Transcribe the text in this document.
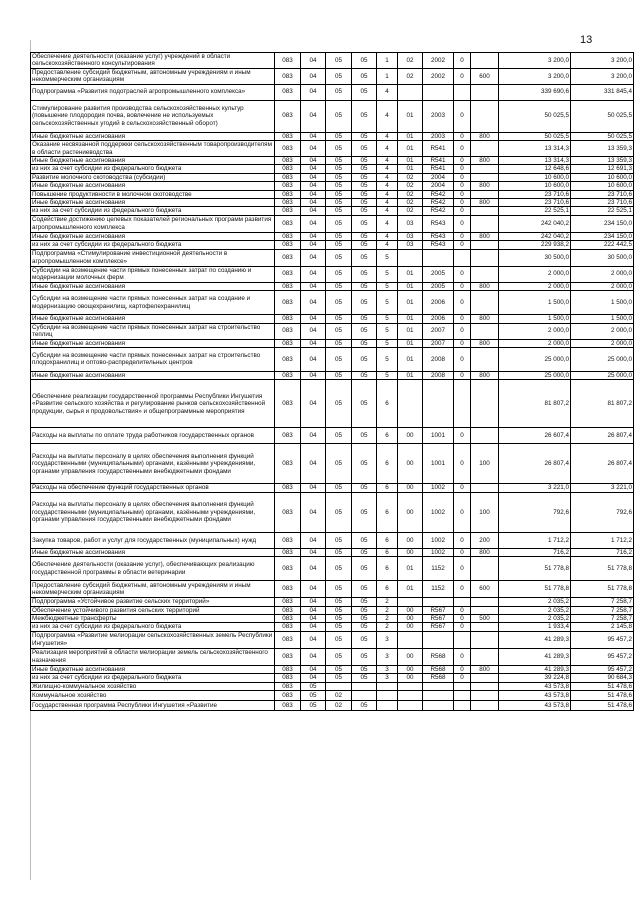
13
Обеспечение деятельности (оказание услуг) учреждений в области сельскохозяйственного консультирования	083	04	05	05	1	02	2002	0		3 200,0	3 200,0
Предоставление субсидий бюджетным, автономным учреждениям и иным некоммерческим организациям	083	04	05	05	1	02	2002	0	600	3 200,0	3 200,0
Подпрограмма «Развития подотраслей агропромышленного комплекса»	083	04	05	05	4					339 690,6	331 845,4
Стимулирование развития производства сельскохозяйственных культур (повышение плодородия почва, вовлечение не используемых сельскохозяйственных угодий в сельскохозяйственный оборот)	083	04	05	05	4	01	2003	0		50 025,5	50 025,5
Иные бюджетные ассигнования	083	04	05	05	4	01	2003	0	800	50 025,5	50 025,5
Оказание несвязанной поддержки сельскохозяйственным товаропроизводителям в области растениеводства	083	04	05	05	4	01	R541	0		13 314,3	13 359,3
Иные бюджетные ассигнования	083	04	05	05	4	01	R541	0	800	13 314,3	13 359,3
из них за счет субсидии из федерального бюджета	083	04	05	05	4	01	R541	0		12 648,6	12 691,3
Развитие молочного скотоводства (субсидии)	083	04	05	05	4	02	2004	0		10 600,0	10 600,0
Иные бюджетные ассигнования	083	04	05	05	4	02	2004	0	800	10 600,0	10 600,0
Повышение продуктивности в молочном скотоводстве	083	04	05	05	4	02	R542	0		23 710,6	23 710,6
Иные бюджетные ассигнования	083	04	05	05	4	02	R542	0	800	23 710,6	23 710,6
из них за счет субсидии из федерального бюджета	083	04	05	05	4	02	R542	0		22 525,1	22 525,1
Содействие достижению целевых показателей региональных программ развития агропромышленного комплекса	083	04	05	05	4	03	R543	0		242 040,2	234 150,0
Иные бюджетные ассигнования	083	04	05	05	4	03	R543	0	800	242 040,2	234 150,0
из них за счет субсидии из федерального бюджета	083	04	05	05	4	03	R543	0		229 938,2	222 442,5
Подпрограмма «Стимулирование инвестиционной деятельности в агропромышленном комплексе»	083	04	05	05	5					30 500,0	30 500,0
Субсидии на возмещение части прямых понесенных затрат по созданию и модернизации молочных ферм	083	04	05	05	5	01	2005	0		2 000,0	2 000,0
Иные бюджетные ассигнования	083	04	05	05	5	01	2005	0	800	2 000,0	2 000,0
Субсидии на возмещение части прямых понесенных затрат на создание и модернизацию овощехранилищ, картофелехранилищ	083	04	05	05	5	01	2006	0		1 500,0	1 500,0
Иные бюджетные ассигнования	083	04	05	05	5	01	2006	0	800	1 500,0	1 500,0
Субсидии на возмещение части прямых понесенных затрат на строительство теплиц	083	04	05	05	5	01	2007	0		2 000,0	2 000,0
Иные бюджетные ассигнования	083	04	05	05	5	01	2007	0	800	2 000,0	2 000,0
Субсидии на возмещение части прямых понесенных затрат на строительство плодохранилищ и оптово-распределительных центров	083	04	05	05	5	01	2008	0		25 000,0	25 000,0
Иные бюджетные ассигнования	083	04	05	05	5	01	2008	0	800	25 000,0	25 000,0
Обеспечение реализации государственной программы Республики Ингушетия «Развитие сельского хозяйства и регулирование рынков сельскохозяйственной продукции, сырья и продовольствия» и общепрограммные мероприятия	083	04	05	05	6					81 807,2	81 807,2
Расходы на выплаты по оплате труда работников государственных органов	083	04	05	05	6	00	1001	0		26 607,4	26 807,4
Расходы на выплаты персоналу в целях обеспечения выполнения функций государственными (муниципальными) органами, казёнными учреждениями, органами управления государственными внебюджетными фондами	083	04	05	05	6	00	1001	0	100	26 807,4	26 807,4
Расходы на обеспечение функций государственных органов	083	04	05	05	6	00	1002	0		3 221,0	3 221,0
Расходы на выплаты персоналу в целях обеспечения выполнения функций государственными (муниципальными) органами, казёнными учреждениями, органами управления государственными внебюджетными фондами	083	04	05	05	6	00	1002	0	100	792,6	792,6
Закупка товаров, работ и услуг для государственных (муниципальных) нужд	083	04	05	05	6	00	1002	0	200	1 712,2	1 712,2
Иные бюджетные ассигнования	083	04	05	05	6	00	1002	0	800	716,2	716,2
Обеспечение деятельности (оказание услуг), обеспечивающих реализацию государственной программы в области ветеринарии	083	04	05	05	6	01	1152	0		51 778,8	51 778,8
Предоставление субсидий бюджетным, автономным учреждениям и иным некоммерческим организациям	083	04	05	05	6	01	1152	0	600	51 778,8	51 778,8
Подпрограмма «Устойчивое развитие сельских территорий»	083	04	05	05	2					2 035,2	7 258,7
Обеспечение устойчивого развития сельских территорий	083	04	05	05	2	00	R567	0		2 035,2	7 258,7
Межбюджетные трансферты	083	04	05	05	2	00	R567	0	500	2 035,2	7 258,7
из них за счет субсидии из федерального бюджета	083	04	05	05	2	00	R567	0		1 933,4	2 145,8
Подпрограмма «Развитие мелиорации сельскохозяйственных земель Республики Ингушетия»	083	04	05	05	3					41 289,3	95 457,2
Реализация мероприятий в области мелиорации земель сельскохозяйственного назначения	083	04	05	05	3	00	R568	0		41 289,3	95 457,2
Иные бюджетные ассигнования	083	04	05	05	3	00	R568	0	800	41 289,3	95 457,2
из них за счет субсидии из федерального бюджета	083	04	05	05	3	00	R568	0		39 224,8	90 684,3
Жилищно-коммунальное хозяйство	083	05								43 573,8	51 478,6
Коммунальное хозяйство	083	05	02							43 573,8	51 478,6
Государственная программа Республики Ингушетия «Развитие	083	05	02	05						43 573,8	51 478,6
